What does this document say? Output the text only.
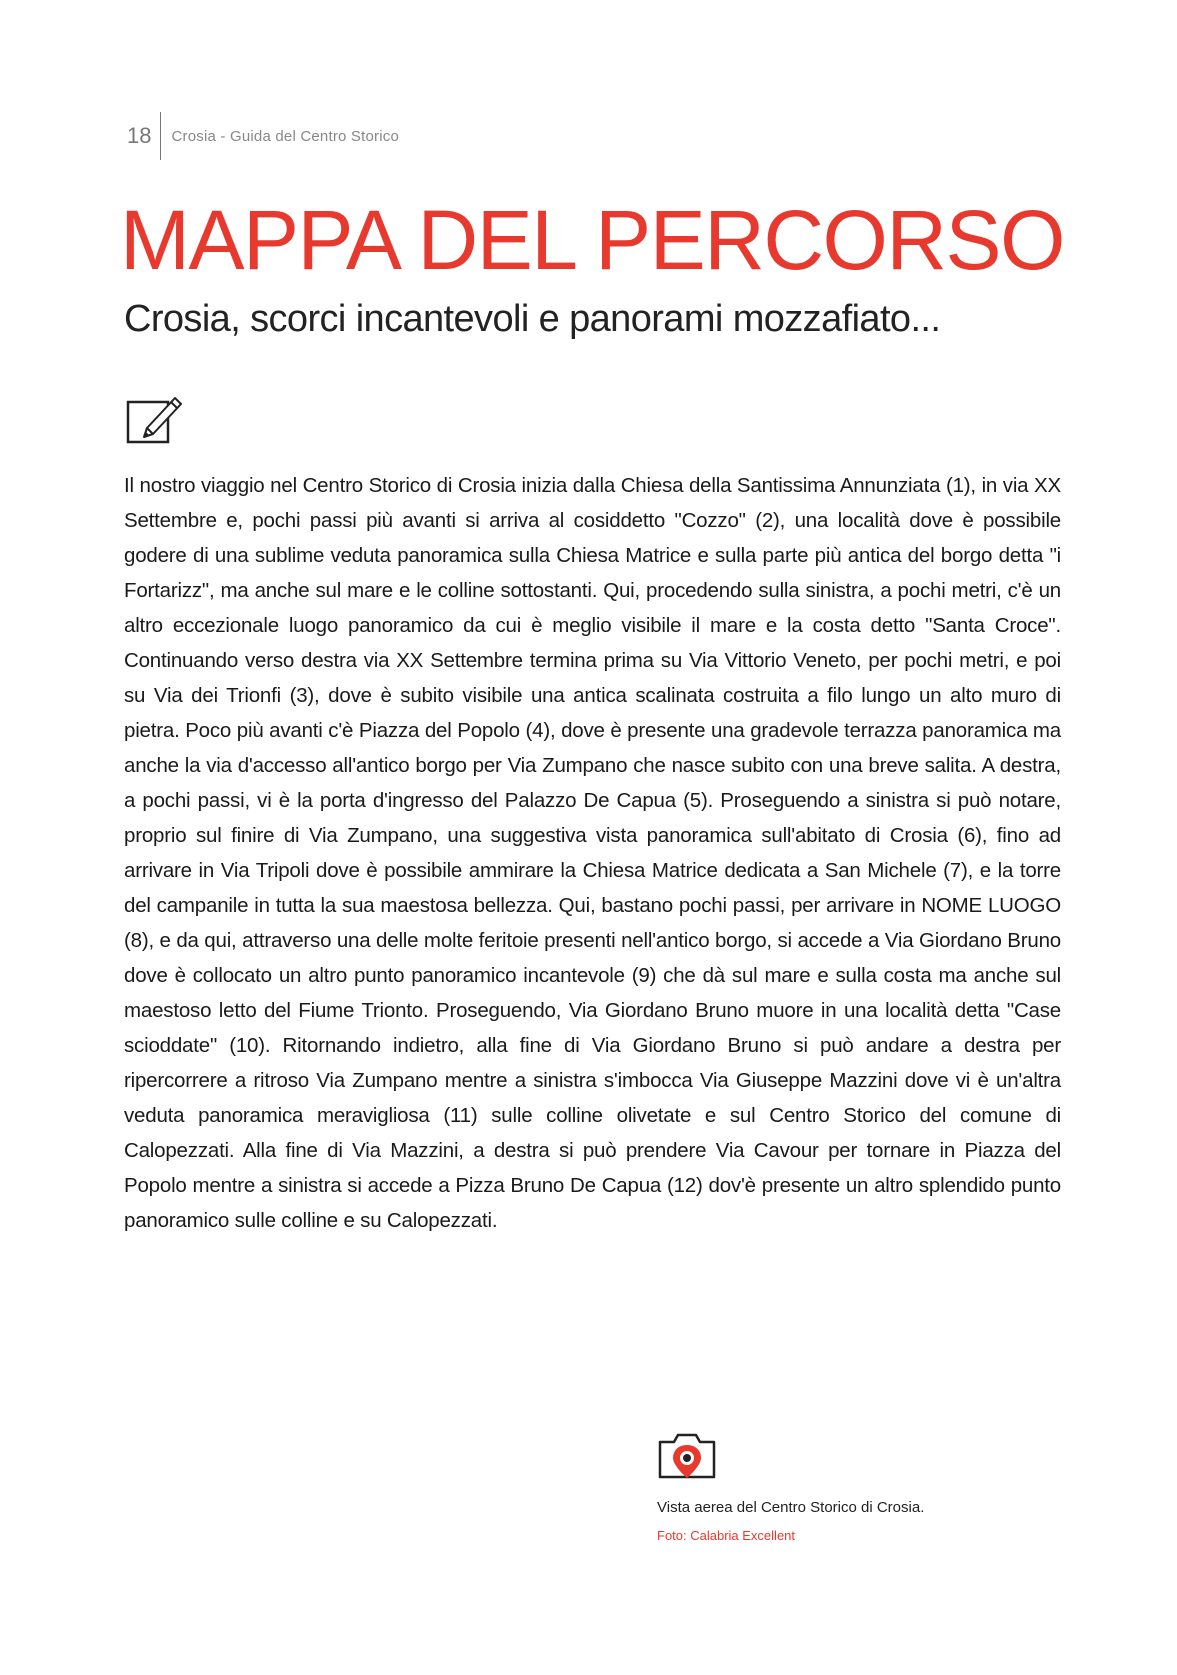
18	Crosia - Guida del Centro Storico
MAPPA DEL PERCORSO
Crosia, scorci incantevoli e panorami mozzafiato...

Il nostro viaggio nel Centro Storico di Crosia inizia dalla Chiesa della Santissima Annunziata (1), in via XX Settembre e, pochi passi più avanti si arriva al cosiddetto "Cozzo" (2), una località dove è possibile godere di una sublime veduta panoramica sulla Chiesa Matrice e sulla parte più antica del borgo detta "i Fortarizz", ma anche sul mare e le colline sottostanti. Qui, procedendo sulla sinistra, a pochi metri, c'è un altro eccezionale luogo panoramico da cui è meglio visibile il mare e la costa detto "Santa Croce". Continuando verso destra via XX Settembre termina prima su Via Vittorio Veneto, per pochi metri, e poi su Via dei Trionfi (3), dove è subito visibile una antica scalinata costruita a filo lungo un alto muro di pietra. Poco più avanti c'è Piazza del Popolo (4), dove è presente una gradevole terrazza panoramica ma anche la via d'accesso all'antico borgo per Via Zumpano che nasce subito con una breve salita. A destra, a pochi passi, vi è la porta d'ingresso del Palazzo De Capua (5). Proseguendo a sinistra si può notare, proprio sul finire di Via Zumpano, una suggestiva vista panoramica sull'abitato di Crosia (6), fino ad arrivare in Via Tripoli dove è possibile ammirare la Chiesa Matrice dedicata a San Michele (7), e la torre del campanile in tutta la sua maestosa bellezza. Qui, bastano pochi passi, per arrivare in NOME LUOGO (8), e da qui, attraverso una delle molte feritoie presenti nell'antico borgo, si accede a Via Giordano Bruno dove è collocato un altro punto panoramico incantevole (9) che dà sul mare e sulla costa ma anche sul maestoso letto del Fiume Trionto. Proseguendo, Via Giordano Bruno muore in una località detta "Case scioddate" (10). Ritornando indietro, alla fine di Via Giordano Bruno si può andare a destra per ripercorrere a ritroso Via Zumpano mentre a sinistra s'imbocca Via Giuseppe Mazzini dove vi è un'altra veduta panoramica meravigliosa (11) sulle colline olivetate e sul Centro Storico del comune di Calopezzati. Alla fine di Via Mazzini, a destra si può prendere Via Cavour per tornare in Piazza del Popolo mentre a sinistra si accede a Pizza Bruno De Capua (12) dov'è presente un altro splendido punto panoramico sulle colline e su Calopezzati.

Vista aerea del Centro Storico di Crosia.
Foto: Calabria Excellent
